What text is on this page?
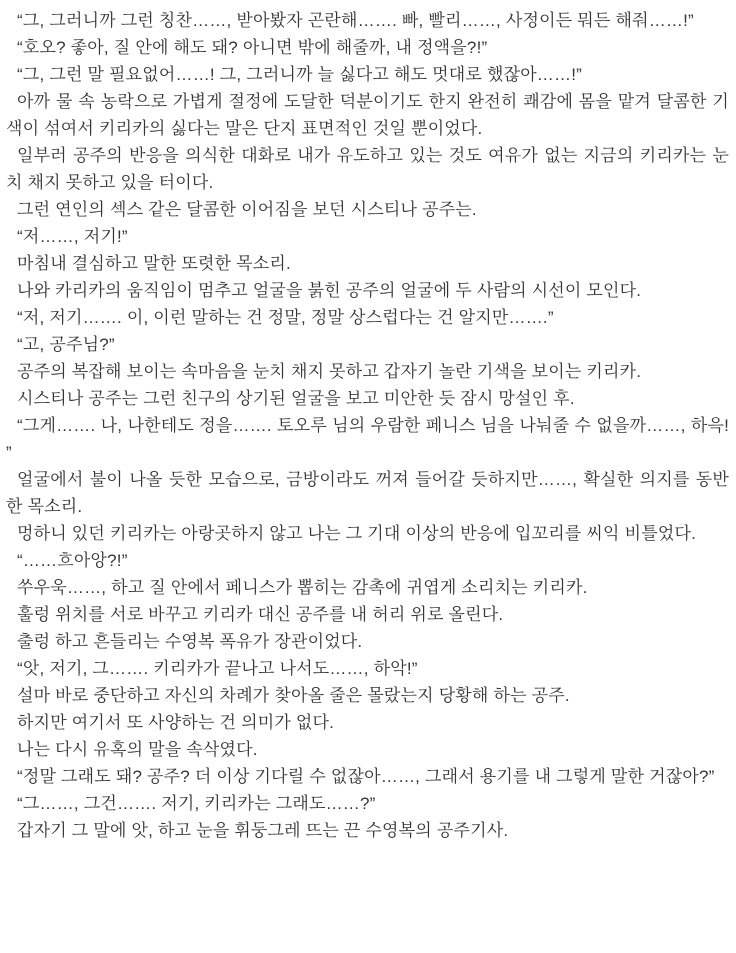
“그, 그러니까 그런 칭찬……, 받아봤자 곤란해……. 빠, 빨리……, 사정이든 뭐든 해줘……!”

“호오? 좋아, 질 안에 해도 돼? 아니면 밖에 해줄까, 내 정액을?!”

“그, 그런 말 필요없어……! 그, 그러니까 늘 싫다고 해도 멋대로 했잖아……!”

아까 물 속 농락으로 가볍게 절정에 도달한 덕분이기도 한지 완전히 쾌감에 몸을 맡겨 달콤한 기색이 섞여서 키리카의 싫다는 말은 단지 표면적인 것일 뿐이었다.

일부러 공주의 반응을 의식한 대화로 내가 유도하고 있는 것도 여유가 없는 지금의 키리카는 눈치 채지 못하고 있을 터이다.

그런 연인의 섹스 같은 달콤한 이어짐을 보던 시스티나 공주는.

“저……, 저기!”

마침내 결심하고 말한 또렷한 목소리.

나와 카리카의 움직임이 멈추고 얼굴을 붉힌 공주의 얼굴에 두 사람의 시선이 모인다.

“저, 저기……. 이, 이런 말하는 건 정말, 정말 상스럽다는 건 알지만…….”

“고, 공주님?”

공주의 복잡해 보이는 속마음을 눈치 채지 못하고 갑자기 놀란 기색을 보이는 키리카.

시스티나 공주는 그런 친구의 상기된 얼굴을 보고 미안한 듯 잠시 망설인 후.

“그게……. 나, 나한테도 정을……. 토오루 님의 우람한 페니스 님을 나눠줄 수 없을까……, 하윽!”

얼굴에서 불이 나올 듯한 모습으로, 금방이라도 꺼져 들어갈 듯하지만……, 확실한 의지를 동반한 목소리.

멍하니 있던 키리카는 아랑곳하지 않고 나는 그 기대 이상의 반응에 입꼬리를 씨익 비틀었다.

“……흐아앙?!”

쑤우욱……, 하고 질 안에서 페니스가 뽑히는 감촉에 귀엽게 소리치는 키리카.

훌렁 위치를 서로 바꾸고 키리카 대신 공주를 내 허리 위로 올린다.

출렁 하고 흔들리는 수영복 폭유가 장관이었다.

“앗, 저기, 그……. 키리카가 끝나고 나서도……, 하악!”

설마 바로 중단하고 자신의 차례가 찾아올 줄은 몰랐는지 당황해 하는 공주.

하지만 여기서 또 사양하는 건 의미가 없다.

나는 다시 유혹의 말을 속삭였다.

“정말 그래도 돼? 공주? 더 이상 기다릴 수 없잖아……, 그래서 용기를 내 그렇게 말한 거잖아?”

“그……, 그건……. 저기, 키리카는 그래도……?”

갑자기 그 말에 앗, 하고 눈을 휘둥그레 뜨는 끈 수영복의 공주기사.
